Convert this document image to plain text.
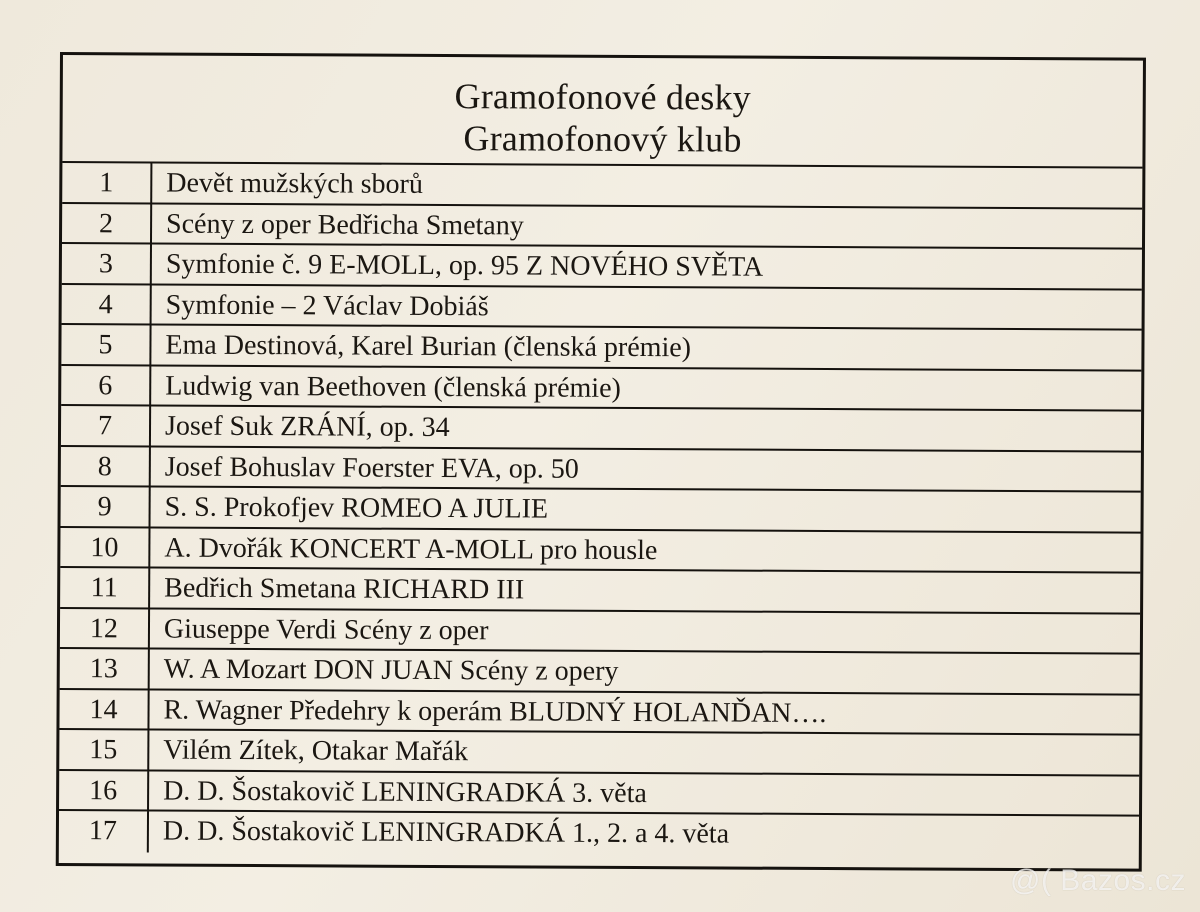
Gramofonové desky
Gramofonový klub
1	Devět mužských sborů
2	Scény z oper Bedřicha Smetany
3	Symfonie č. 9 E-MOLL, op. 95 Z NOVÉHO SVĚTA
4	Symfonie – 2 Václav Dobiáš
5	Ema Destinová, Karel Burian (členská prémie)
6	Ludwig van Beethoven (členská prémie)
7	Josef Suk ZRÁNÍ, op. 34
8	Josef Bohuslav Foerster EVA, op. 50
9	S. S. Prokofjev ROMEO A JULIE
10	A. Dvořák KONCERT A-MOLL pro housle
11	Bedřich Smetana RICHARD III
12	Giuseppe Verdi Scény z oper
13	W. A Mozart DON JUAN Scény z opery
14	R. Wagner Předehry k operám BLUDNÝ HOLANĎAN….
15	Vilém Zítek, Otakar Mařák
16	D. D. Šostakovič LENINGRADKÁ 3. věta
17	D. D. Šostakovič LENINGRADKÁ 1., 2. a 4. věta
@( Bazos.cz
